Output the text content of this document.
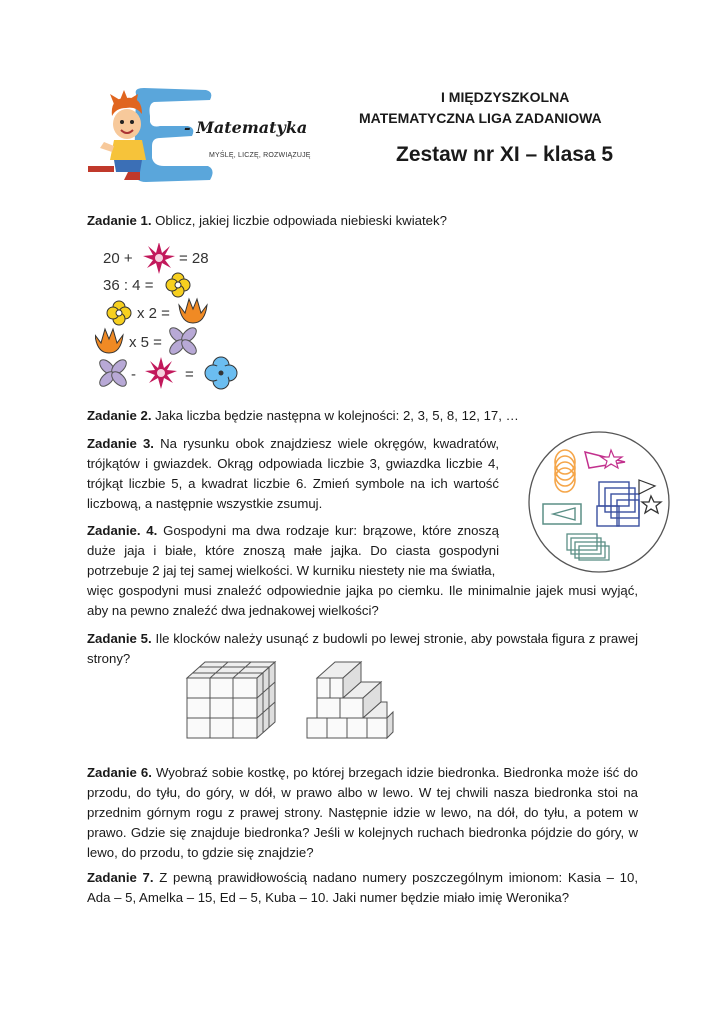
- Matematyka
MYŚLĘ, LICZĘ, ROZWIĄZUJĘ
I MIĘDZYSZKOLNA
MATEMATYCZNA LIGA ZADANIOWA
Zestaw nr XI – klasa 5
Zadanie 1. Oblicz, jakiej liczbie odpowiada niebieski kwiatek?
20 +	= 28
36 : 4 =
x 2 =
x 5 =
-	=
Zadanie 2. Jaka liczba będzie następna w kolejności: 2, 3, 5, 8, 12, 17, …
Zadanie 3. Na rysunku obok znajdziesz wiele okręgów, kwadratów, trójkątów i gwiazdek. Okrąg odpowiada liczbie 3, gwiazdka liczbie 4, trójkąt liczbie 5, a kwadrat liczbie 6. Zmień symbole na ich wartość liczbową, a następnie wszystkie zsumuj.
Zadanie. 4. Gospodyni ma dwa rodzaje kur: brązowe, które znoszą duże jaja i białe, które znoszą małe jajka. Do ciasta gospodyni potrzebuje 2 jaj tej samej wielkości. W kurniku niestety nie ma światła,
więc gospodyni musi znaleźć odpowiednie jajka po ciemku. Ile minimalnie jajek musi wyjąć, aby na pewno znaleźć dwa jednakowej wielkości?
Zadanie 5. Ile klocków należy usunąć z budowli po lewej stronie, aby powstała figura z prawej strony?
Zadanie 6. Wyobraź sobie kostkę, po której brzegach idzie biedronka. Biedronka może iść do przodu, do tyłu, do góry, w dół, w prawo albo w lewo. W tej chwili nasza biedronka stoi na przednim górnym rogu z prawej strony. Następnie idzie w lewo, na dół, do tyłu, a potem w prawo. Gdzie się znajduje biedronka? Jeśli w kolejnych ruchach biedronka pójdzie do góry, w lewo, do przodu, to gdzie się znajdzie?
Zadanie 7. Z pewną prawidłowością nadano numery poszczególnym imionom: Kasia – 10, Ada – 5, Amelka – 15, Ed – 5, Kuba – 10. Jaki numer będzie miało imię Weronika?
